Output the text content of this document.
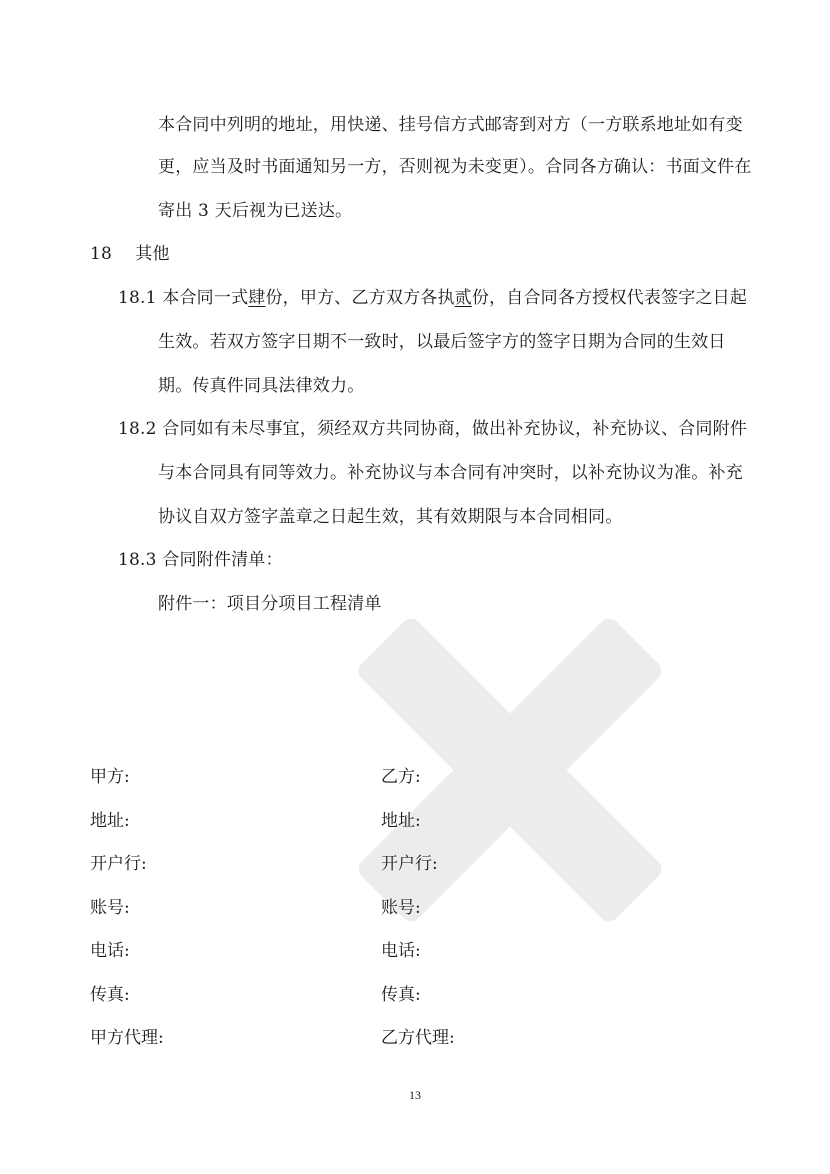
本合同中列明的地址，用快递、挂号信方式邮寄到对方（一方联系地址如有变
更，应当及时书面通知另一方，否则视为未变更）。合同各方确认：书面文件在
寄出 3 天后视为已送达。
18 其他
18.1 本合同一式肆份，甲方、乙方双方各执贰份，自合同各方授权代表签字之日起
生效。若双方签字日期不一致时，以最后签字方的签字日期为合同的生效日
期。传真件同具法律效力。
18.2 合同如有未尽事宜，须经双方共同协商，做出补充协议，补充协议、合同附件
与本合同具有同等效力。补充协议与本合同有冲突时，以补充协议为准。补充
协议自双方签字盖章之日起生效，其有效期限与本合同相同。
18.3 合同附件清单：
附件一：项目分项目工程清单
甲方:
地址:
开户行:
账号:
电话:
传真:
甲方代理:
乙方:
地址:
开户行:
账号:
电话:
传真:
乙方代理:
13
